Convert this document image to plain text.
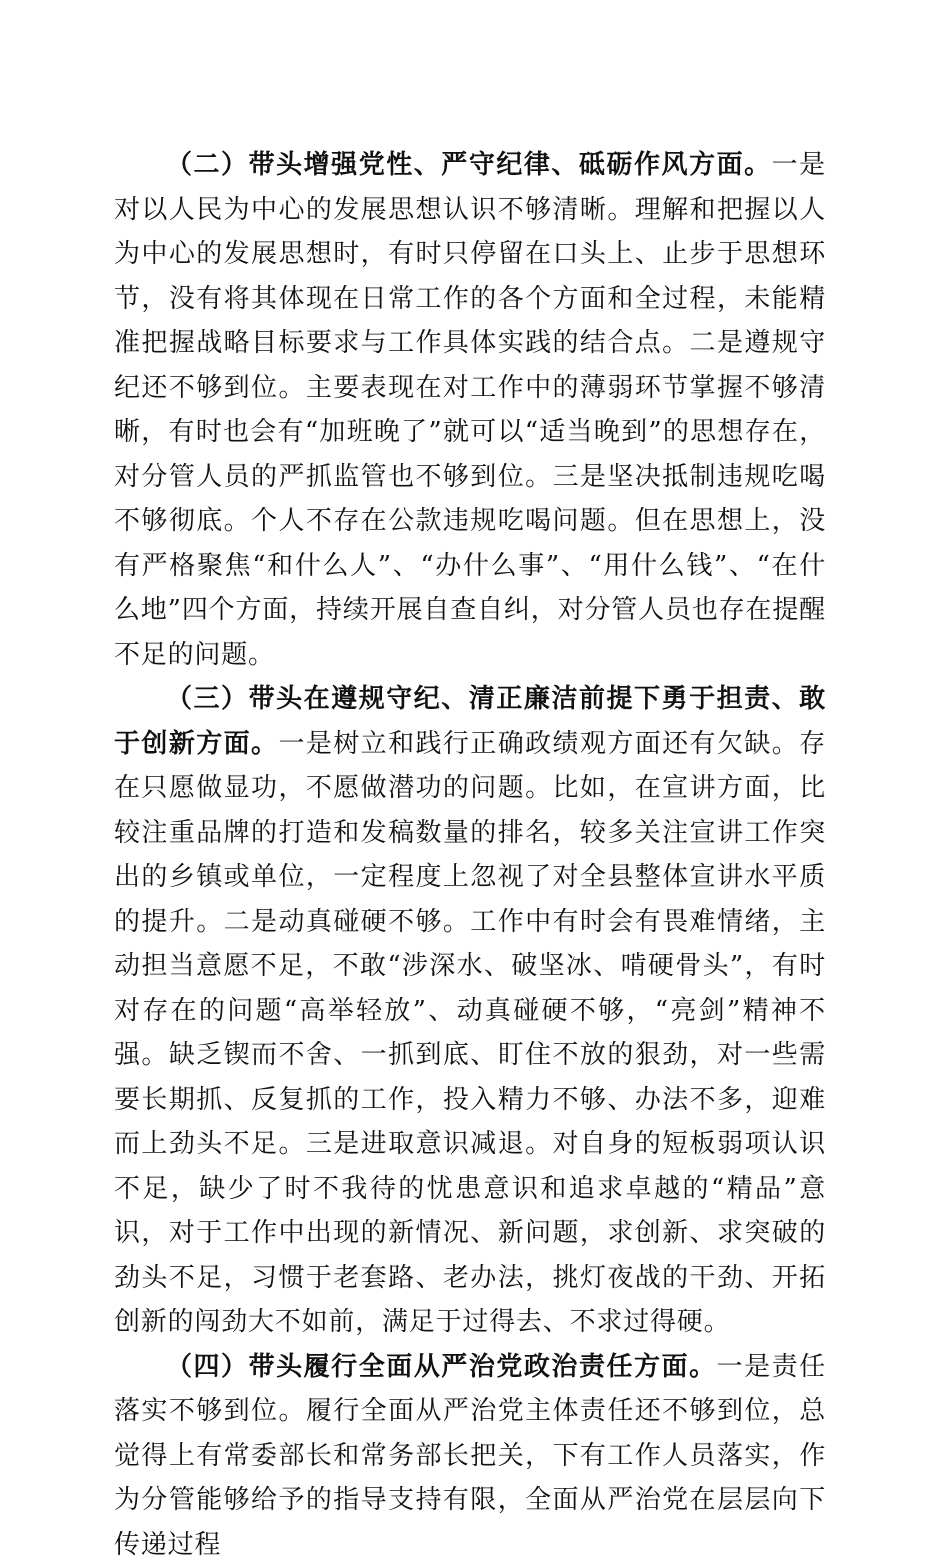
（二）带头增强党性、严守纪律、砥砺作风方面。一是对以人民为中心的发展思想认识不够清晰。理解和把握以人为中心的发展思想时，有时只停留在口头上、止步于思想环节，没有将其体现在日常工作的各个方面和全过程，未能精准把握战略目标要求与工作具体实践的结合点。二是遵规守纪还不够到位。主要表现在对工作中的薄弱环节掌握不够清晰，有时也会有“加班晚了”就可以“适当晚到”的思想存在，对分管人员的严抓监管也不够到位。三是坚决抵制违规吃喝不够彻底。个人不存在公款违规吃喝问题。但在思想上，没有严格聚焦“和什么人”、“办什么事”、“用什么钱”、“在什么地”四个方面，持续开展自查自纠，对分管人员也存在提醒不足的问题。

（三）带头在遵规守纪、清正廉洁前提下勇于担责、敢于创新方面。一是树立和践行正确政绩观方面还有欠缺。存在只愿做显功，不愿做潜功的问题。比如，在宣讲方面，比较注重品牌的打造和发稿数量的排名，较多关注宣讲工作突出的乡镇或单位，一定程度上忽视了对全县整体宣讲水平质的提升。二是动真碰硬不够。工作中有时会有畏难情绪，主动担当意愿不足，不敢“涉深水、破坚冰、啃硬骨头”，有时对存在的问题“高举轻放”、动真碰硬不够，“亮剑”精神不强。缺乏锲而不舍、一抓到底、盯住不放的狠劲，对一些需要长期抓、反复抓的工作，投入精力不够、办法不多，迎难而上劲头不足。三是进取意识减退。对自身的短板弱项认识不足，缺少了时不我待的忧患意识和追求卓越的“精品”意识，对于工作中出现的新情况、新问题，求创新、求突破的劲头不足，习惯于老套路、老办法，挑灯夜战的干劲、开拓创新的闯劲大不如前，满足于过得去、不求过得硬。

（四）带头履行全面从严治党政治责任方面。一是责任落实不够到位。履行全面从严治党主体责任还不够到位，总觉得上有常委部长和常务部长把关，下有工作人员落实，作为分管能够给予的指导支持有限，全面从严治党在层层向下传递过程
